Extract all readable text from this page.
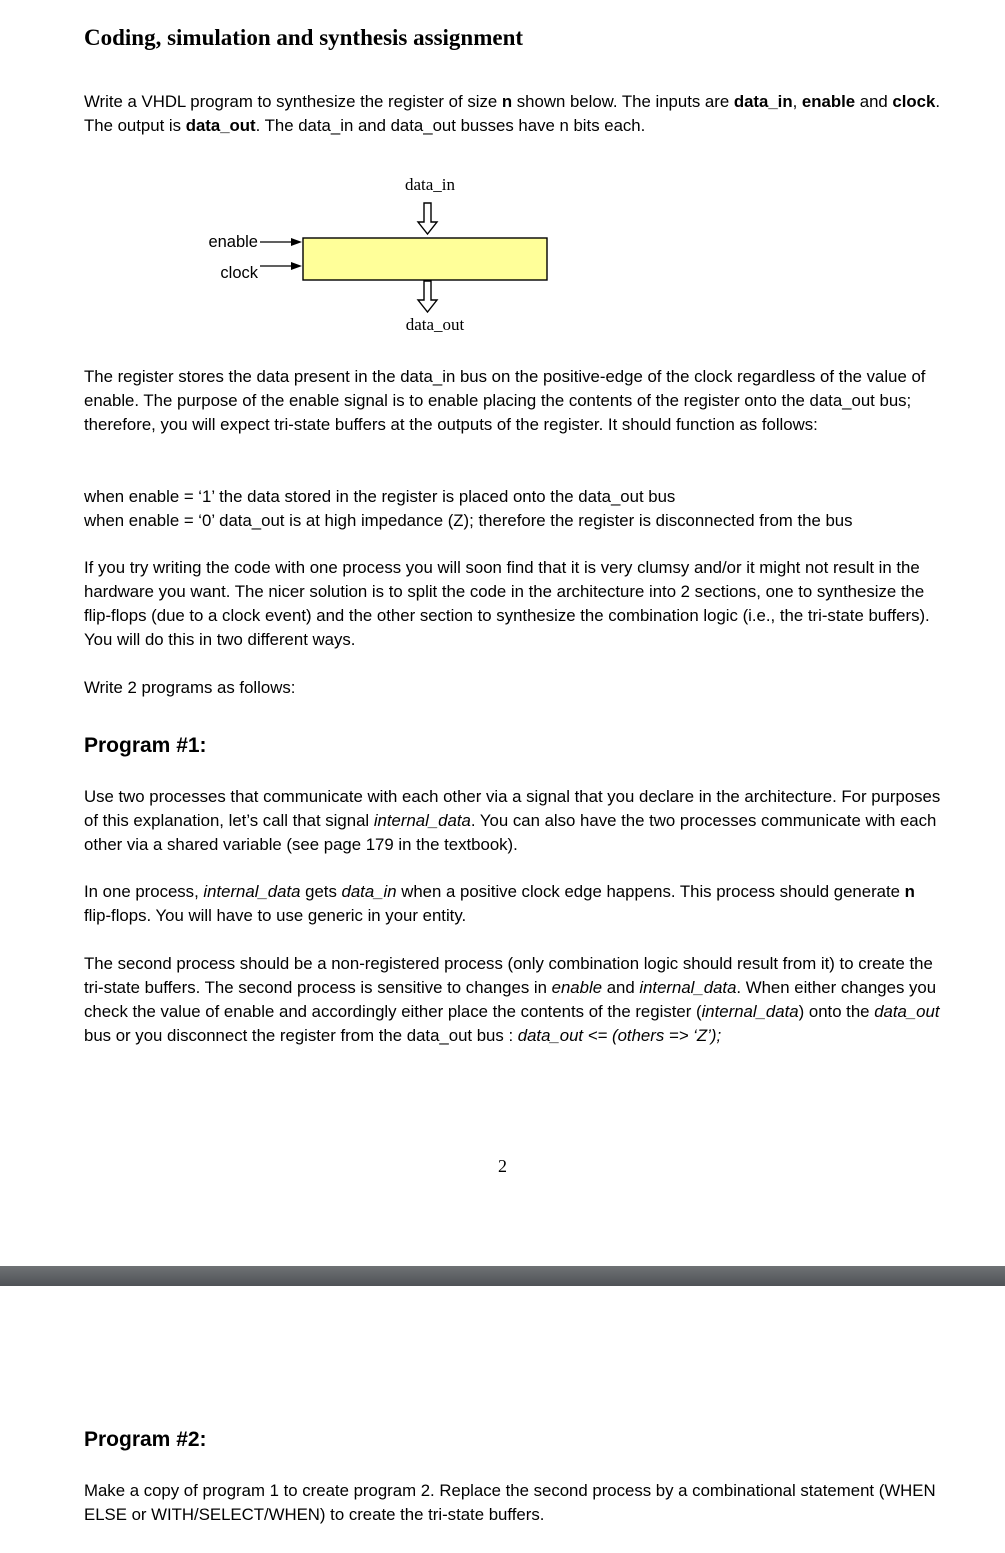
Coding, simulation and synthesis assignment

Write a VHDL program to synthesize the register of size n shown below. The inputs are data_in, enable and clock. The output is data_out. The data_in and data_out busses have n bits each.

data_in
enable
clock
data_out

The register stores the data present in the data_in bus on the positive-edge of the clock regardless of the value of enable. The purpose of the enable signal is to enable placing the contents of the register onto the data_out bus; therefore, you will expect tri-state buffers at the outputs of the register. It should function as follows:

when enable = ‘1’ the data stored in the register is placed onto the data_out bus

when enable = ‘0’ data_out is at high impedance (Z); therefore the register is disconnected from the bus

If you try writing the code with one process you will soon find that it is very clumsy and/or it might not result in the hardware you want. The nicer solution is to split the code in the architecture into 2 sections, one to synthesize the flip-flops (due to a clock event) and the other section to synthesize the combination logic (i.e., the tri-state buffers). You will do this in two different ways.

Write 2 programs as follows:

Program #1:

Use two processes that communicate with each other via a signal that you declare in the architecture. For purposes of this explanation, let’s call that signal internal_data. You can also have the two processes communicate with each other via a shared variable (see page 179 in the textbook).

In one process, internal_data gets data_in when a positive clock edge happens. This process should generate n flip-flops. You will have to use generic in your entity.

The second process should be a non-registered process (only combination logic should result from it) to create the tri-state buffers. The second process is sensitive to changes in enable and internal_data. When either changes you check the value of enable and accordingly either place the contents of the register (internal_data) onto the data_out bus or you disconnect the register from the data_out bus : data_out <= (others => ‘Z’);

2
Program #2:

Make a copy of program 1 to create program 2. Replace the second process by a combinational statement (WHEN ELSE or WITH/SELECT/WHEN) to create the tri-state buffers.
